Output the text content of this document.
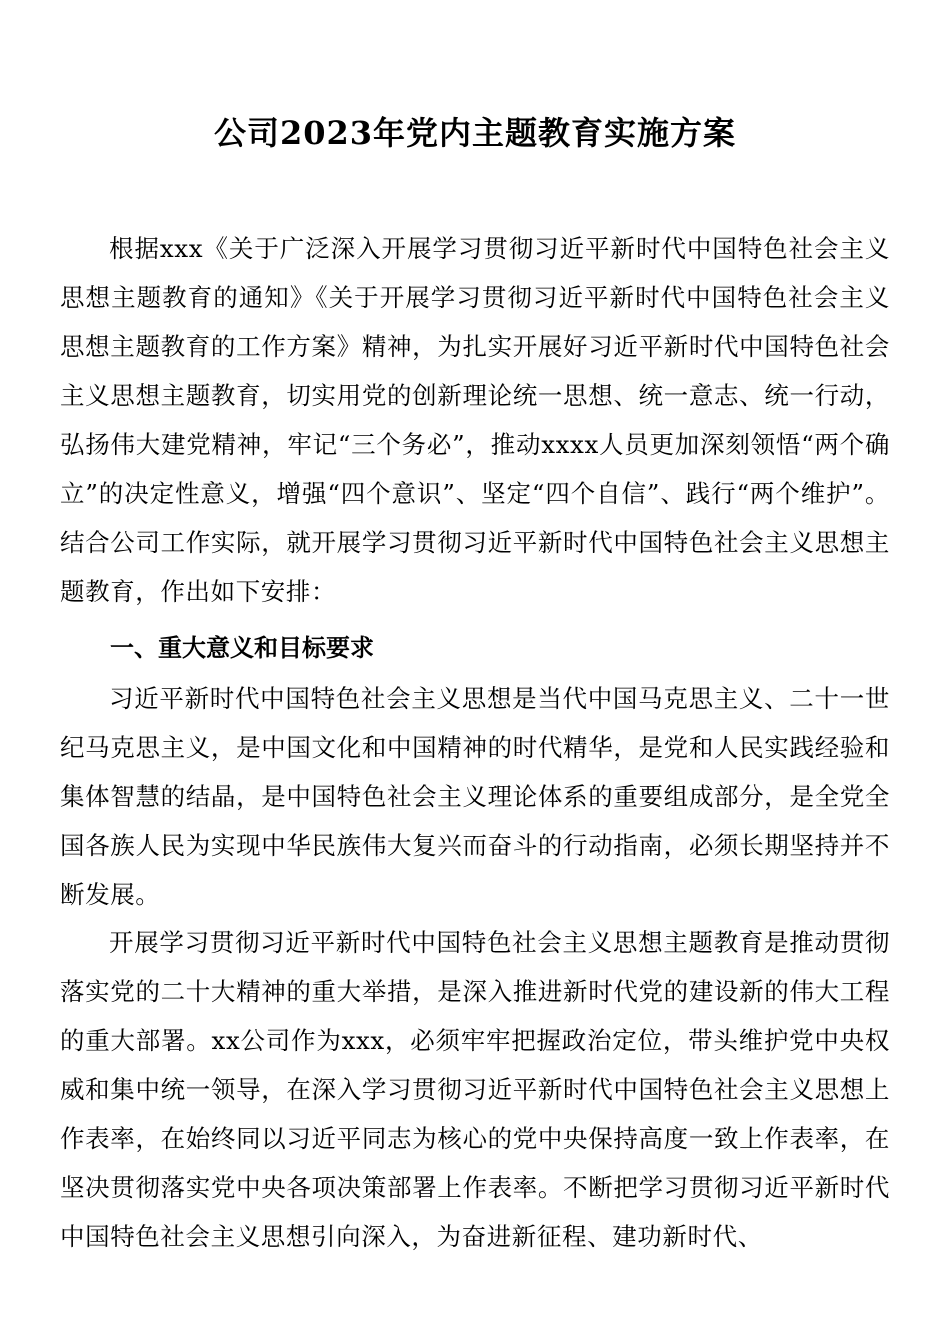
公司2023年党内主题教育实施方案

根据xxx《关于广泛深入开展学习贯彻习近平新时代中国特色社会主义思想主题教育的通知》《关于开展学习贯彻习近平新时代中国特色社会主义思想主题教育的工作方案》精神，为扎实开展好习近平新时代中国特色社会主义思想主题教育，切实用党的创新理论统一思想、统一意志、统一行动，弘扬伟大建党精神，牢记“三个务必”，推动xxxx人员更加深刻领悟“两个确立”的决定性意义，增强“四个意识”、坚定“四个自信”、践行“两个维护”。结合公司工作实际，就开展学习贯彻习近平新时代中国特色社会主义思想主题教育，作出如下安排：

一、重大意义和目标要求

习近平新时代中国特色社会主义思想是当代中国马克思主义、二十一世纪马克思主义，是中国文化和中国精神的时代精华，是党和人民实践经验和集体智慧的结晶，是中国特色社会主义理论体系的重要组成部分，是全党全国各族人民为实现中华民族伟大复兴而奋斗的行动指南，必须长期坚持并不断发展。

开展学习贯彻习近平新时代中国特色社会主义思想主题教育是推动贯彻落实党的二十大精神的重大举措，是深入推进新时代党的建设新的伟大工程的重大部署。xx公司作为xxx，必须牢牢把握政治定位，带头维护党中央权威和集中统一领导，在深入学习贯彻习近平新时代中国特色社会主义思想上作表率，在始终同以习近平同志为核心的党中央保持高度一致上作表率，在坚决贯彻落实党中央各项决策部署上作表率。不断把学习贯彻习近平新时代中国特色社会主义思想引向深入，为奋进新征程、建功新时代、
